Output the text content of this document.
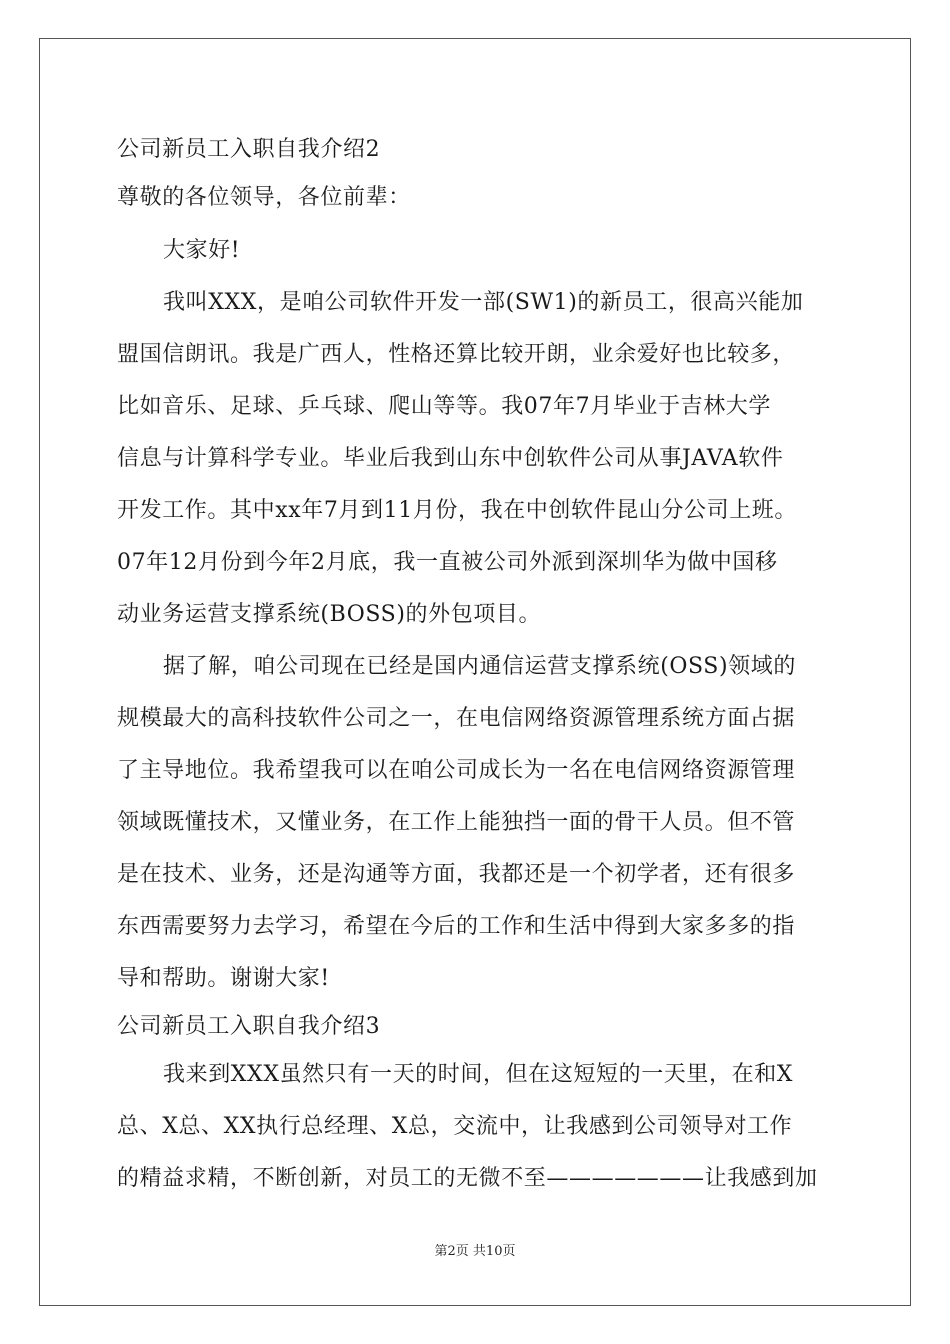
公司新员工入职自我介绍2
尊敬的各位领导，各位前辈：
大家好!
我叫XXX，是咱公司软件开发一部(SW1)的新员工，很高兴能加
盟国信朗讯。我是广西人，性格还算比较开朗，业余爱好也比较多，
比如音乐、足球、乒乓球、爬山等等。我07年7月毕业于吉林大学
信息与计算科学专业。毕业后我到山东中创软件公司从事JAVA软件
开发工作。其中xx年7月到11月份，我在中创软件昆山分公司上班。
07年12月份到今年2月底，我一直被公司外派到深圳华为做中国移
动业务运营支撑系统(BOSS)的外包项目。
据了解，咱公司现在已经是国内通信运营支撑系统(OSS)领域的
规模最大的高科技软件公司之一，在电信网络资源管理系统方面占据
了主导地位。我希望我可以在咱公司成长为一名在电信网络资源管理
领域既懂技术，又懂业务，在工作上能独挡一面的骨干人员。但不管
是在技术、业务，还是沟通等方面，我都还是一个初学者，还有很多
东西需要努力去学习，希望在今后的工作和生活中得到大家多多的指
导和帮助。谢谢大家!
公司新员工入职自我介绍3
我来到XXX虽然只有一天的时间，但在这短短的一天里，在和X
总、X总、XX执行总经理、X总，交流中，让我感到公司领导对工作
的精益求精，不断创新，对员工的无微不至———————让我感到加
第2页 共10页
